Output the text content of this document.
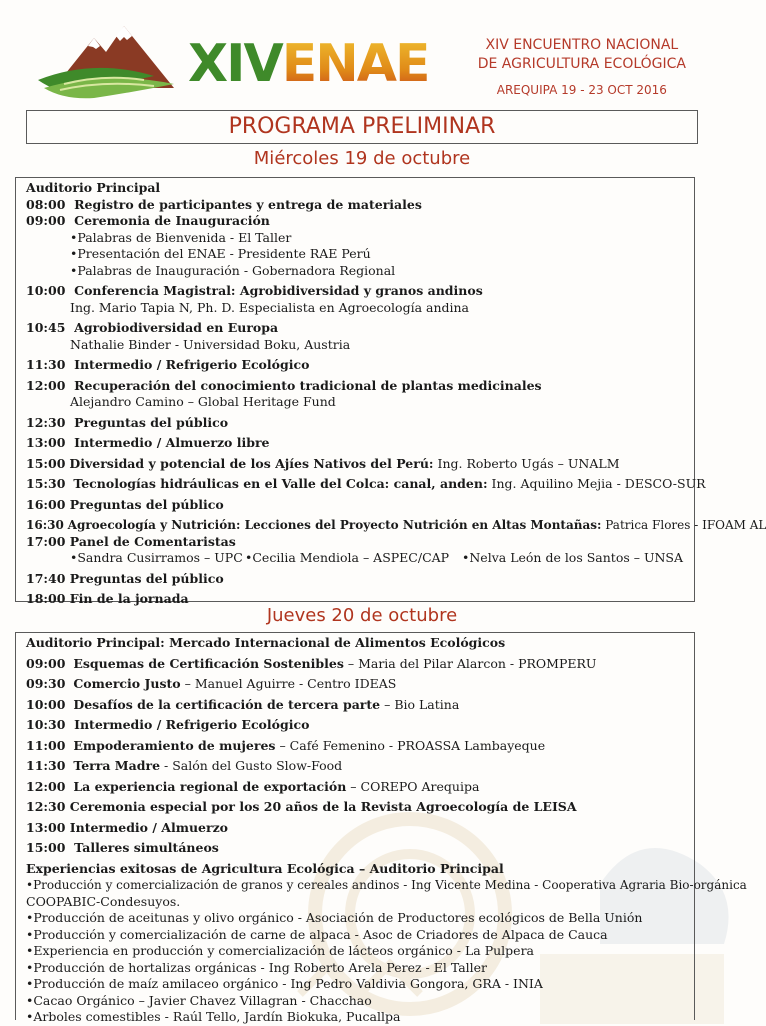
XIVENAE	XIV ENCUENTRO NACIONAL
DE AGRICULTURA ECOLÓGICA
AREQUIPA 19 - 23 OCT 2016
PROGRAMA PRELIMINAR
Miércoles 19 de octubre
Auditorio Principal
08:00 Registro de participantes y entrega de materiales
09:00 Ceremonia de Inauguración
•Palabras de Bienvenida - El Taller
•Presentación del ENAE - Presidente RAE Perú
•Palabras de Inauguración - Gobernadora Regional
10:00 Conferencia Magistral: Agrobidiversidad y granos andinos
Ing. Mario Tapia N, Ph. D. Especialista en Agroecología andina
10:45 Agrobiodiversidad en Europa
Nathalie Binder - Universidad Boku, Austria
11:30 Intermedio / Refrigerio Ecológico
12:00 Recuperación del conocimiento tradicional de plantas medicinales
Alejandro Camino – Global Heritage Fund
12:30 Preguntas del público
13:00 Intermedio / Almuerzo libre
15:00 Diversidad y potencial de los Ajíes Nativos del Perú: Ing. Roberto Ugás – UNALM
15:30 Tecnologías hidráulicas en el Valle del Colca: canal, anden: Ing. Aquilino Mejia - DESCO-SUR
16:00 Preguntas del público
16:30 Agroecología y Nutrición: Lecciones del Proyecto Nutrición en Altas Montañas: Patrica Flores - IFOAM AL
17:00 Panel de Comentaristas
•Sandra Cusirramos – UPC •Cecilia Mendiola – ASPEC/CAP	•Nelva León de los Santos – UNSA
17:40 Preguntas del público
18:00 Fin de la jornada
Jueves 20 de octubre
Auditorio Principal: Mercado Internacional de Alimentos Ecológicos
09:00 Esquemas de Certificación Sostenibles – Maria del Pilar Alarcon - PROMPERU
09:30 Comercio Justo – Manuel Aguirre - Centro IDEAS
10:00 Desafíos de la certificación de tercera parte – Bio Latina
10:30 Intermedio / Refrigerio Ecológico
11:00 Empoderamiento de mujeres – Café Femenino - PROASSA Lambayeque
11:30 Terra Madre - Salón del Gusto Slow-Food
12:00 La experiencia regional de exportación – COREPO Arequipa
12:30 Ceremonia especial por los 20 años de la Revista Agroecología de LEISA
13:00 Intermedio / Almuerzo
15:00 Talleres simultáneos
Experiencias exitosas de Agricultura Ecológica – Auditorio Principal
•Producción y comercialización de granos y cereales andinos - Ing Vicente Medina - Cooperativa Agraria Bio-orgánica
COOPABIC-Condesuyos.
•Producción de aceitunas y olivo orgánico - Asociación de Productores ecológicos de Bella Unión
•Producción y comercialización de carne de alpaca - Asoc de Criadores de Alpaca de Cauca
•Experiencia en producción y comercialización de lácteos orgánico - La Pulpera
•Producción de hortalizas orgánicas - Ing Roberto Arela Perez - El Taller
•Producción de maíz amilaceo orgánico - Ing Pedro Valdivia Gongora, GRA - INIA
•Cacao Orgánico – Javier Chavez Villagran - Chacchao
•Arboles comestibles - Raúl Tello, Jardín Biokuka, Pucallpa
